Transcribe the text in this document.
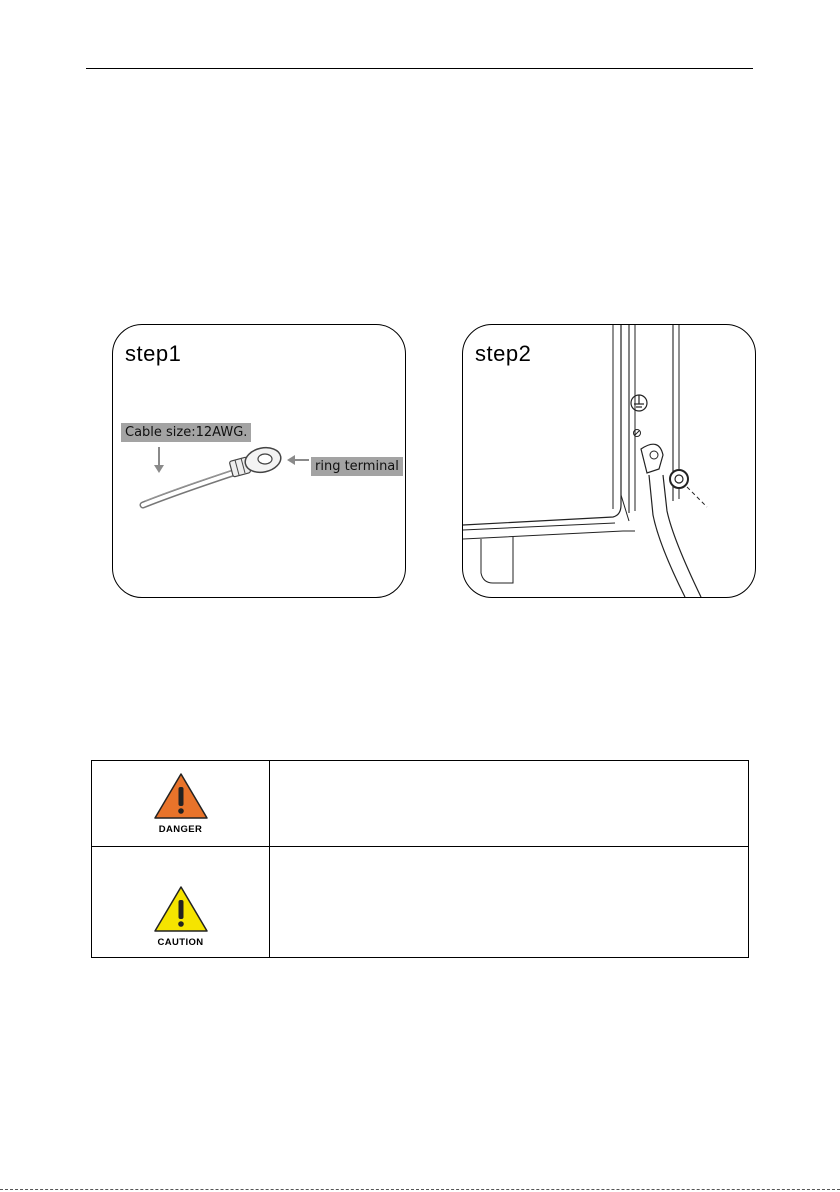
step1
Cable size:12AWG.
ring terminal
step2
DANGER	

CAUTION	
